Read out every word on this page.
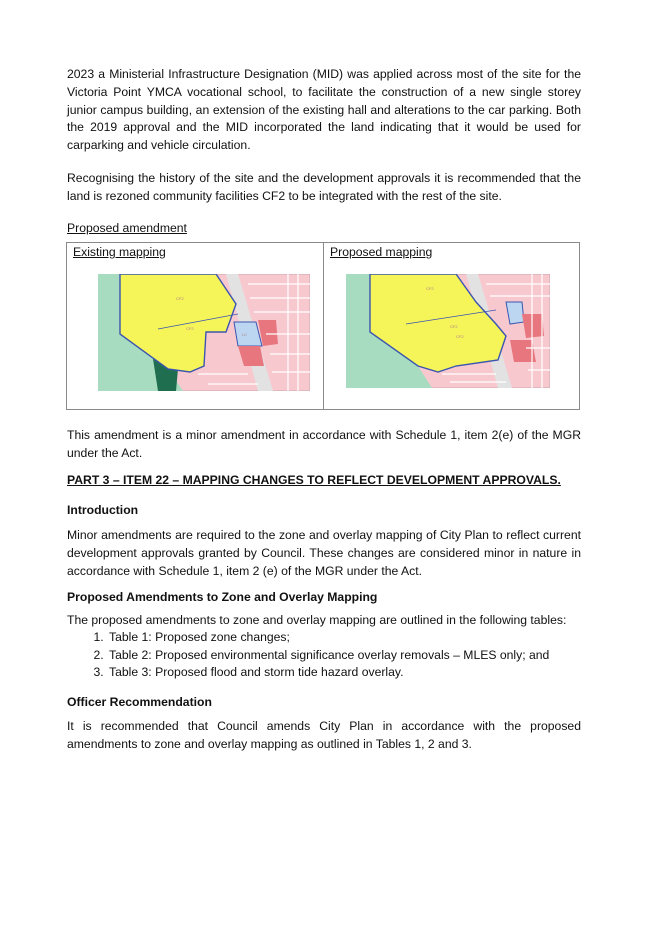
2023 a Ministerial Infrastructure Designation (MID) was applied across most of the site for the Victoria Point YMCA vocational school, to facilitate the construction of a new single storey junior campus building, an extension of the existing hall and alterations to the car parking. Both the 2019 approval and the MID incorporated the land indicating that it would be used for carparking and vehicle circulation.

Recognising the history of the site and the development approvals it is recommended that the land is rezoned community facilities CF2 to be integrated with the rest of the site.

Proposed amendment

Existing mapping	Proposed mapping
CF2
CF2
LC
CF2
CF2
CF2

This amendment is a minor amendment in accordance with Schedule 1, item 2(e) of the MGR under the Act.

PART 3 – ITEM 22 – MAPPING CHANGES TO REFLECT DEVELOPMENT APPROVALS.

Introduction

Minor amendments are required to the zone and overlay mapping of City Plan to reflect current development approvals granted by Council. These changes are considered minor in nature in accordance with Schedule 1, item 2 (e) of the MGR under the Act.

Proposed Amendments to Zone and Overlay Mapping

The proposed amendments to zone and overlay mapping are outlined in the following tables:

1. Table 1: Proposed zone changes;
2. Table 2: Proposed environmental significance overlay removals – MLES only; and
3. Table 3: Proposed flood and storm tide hazard overlay.

Officer Recommendation

It is recommended that Council amends City Plan in accordance with the proposed amendments to zone and overlay mapping as outlined in Tables 1, 2 and 3.
